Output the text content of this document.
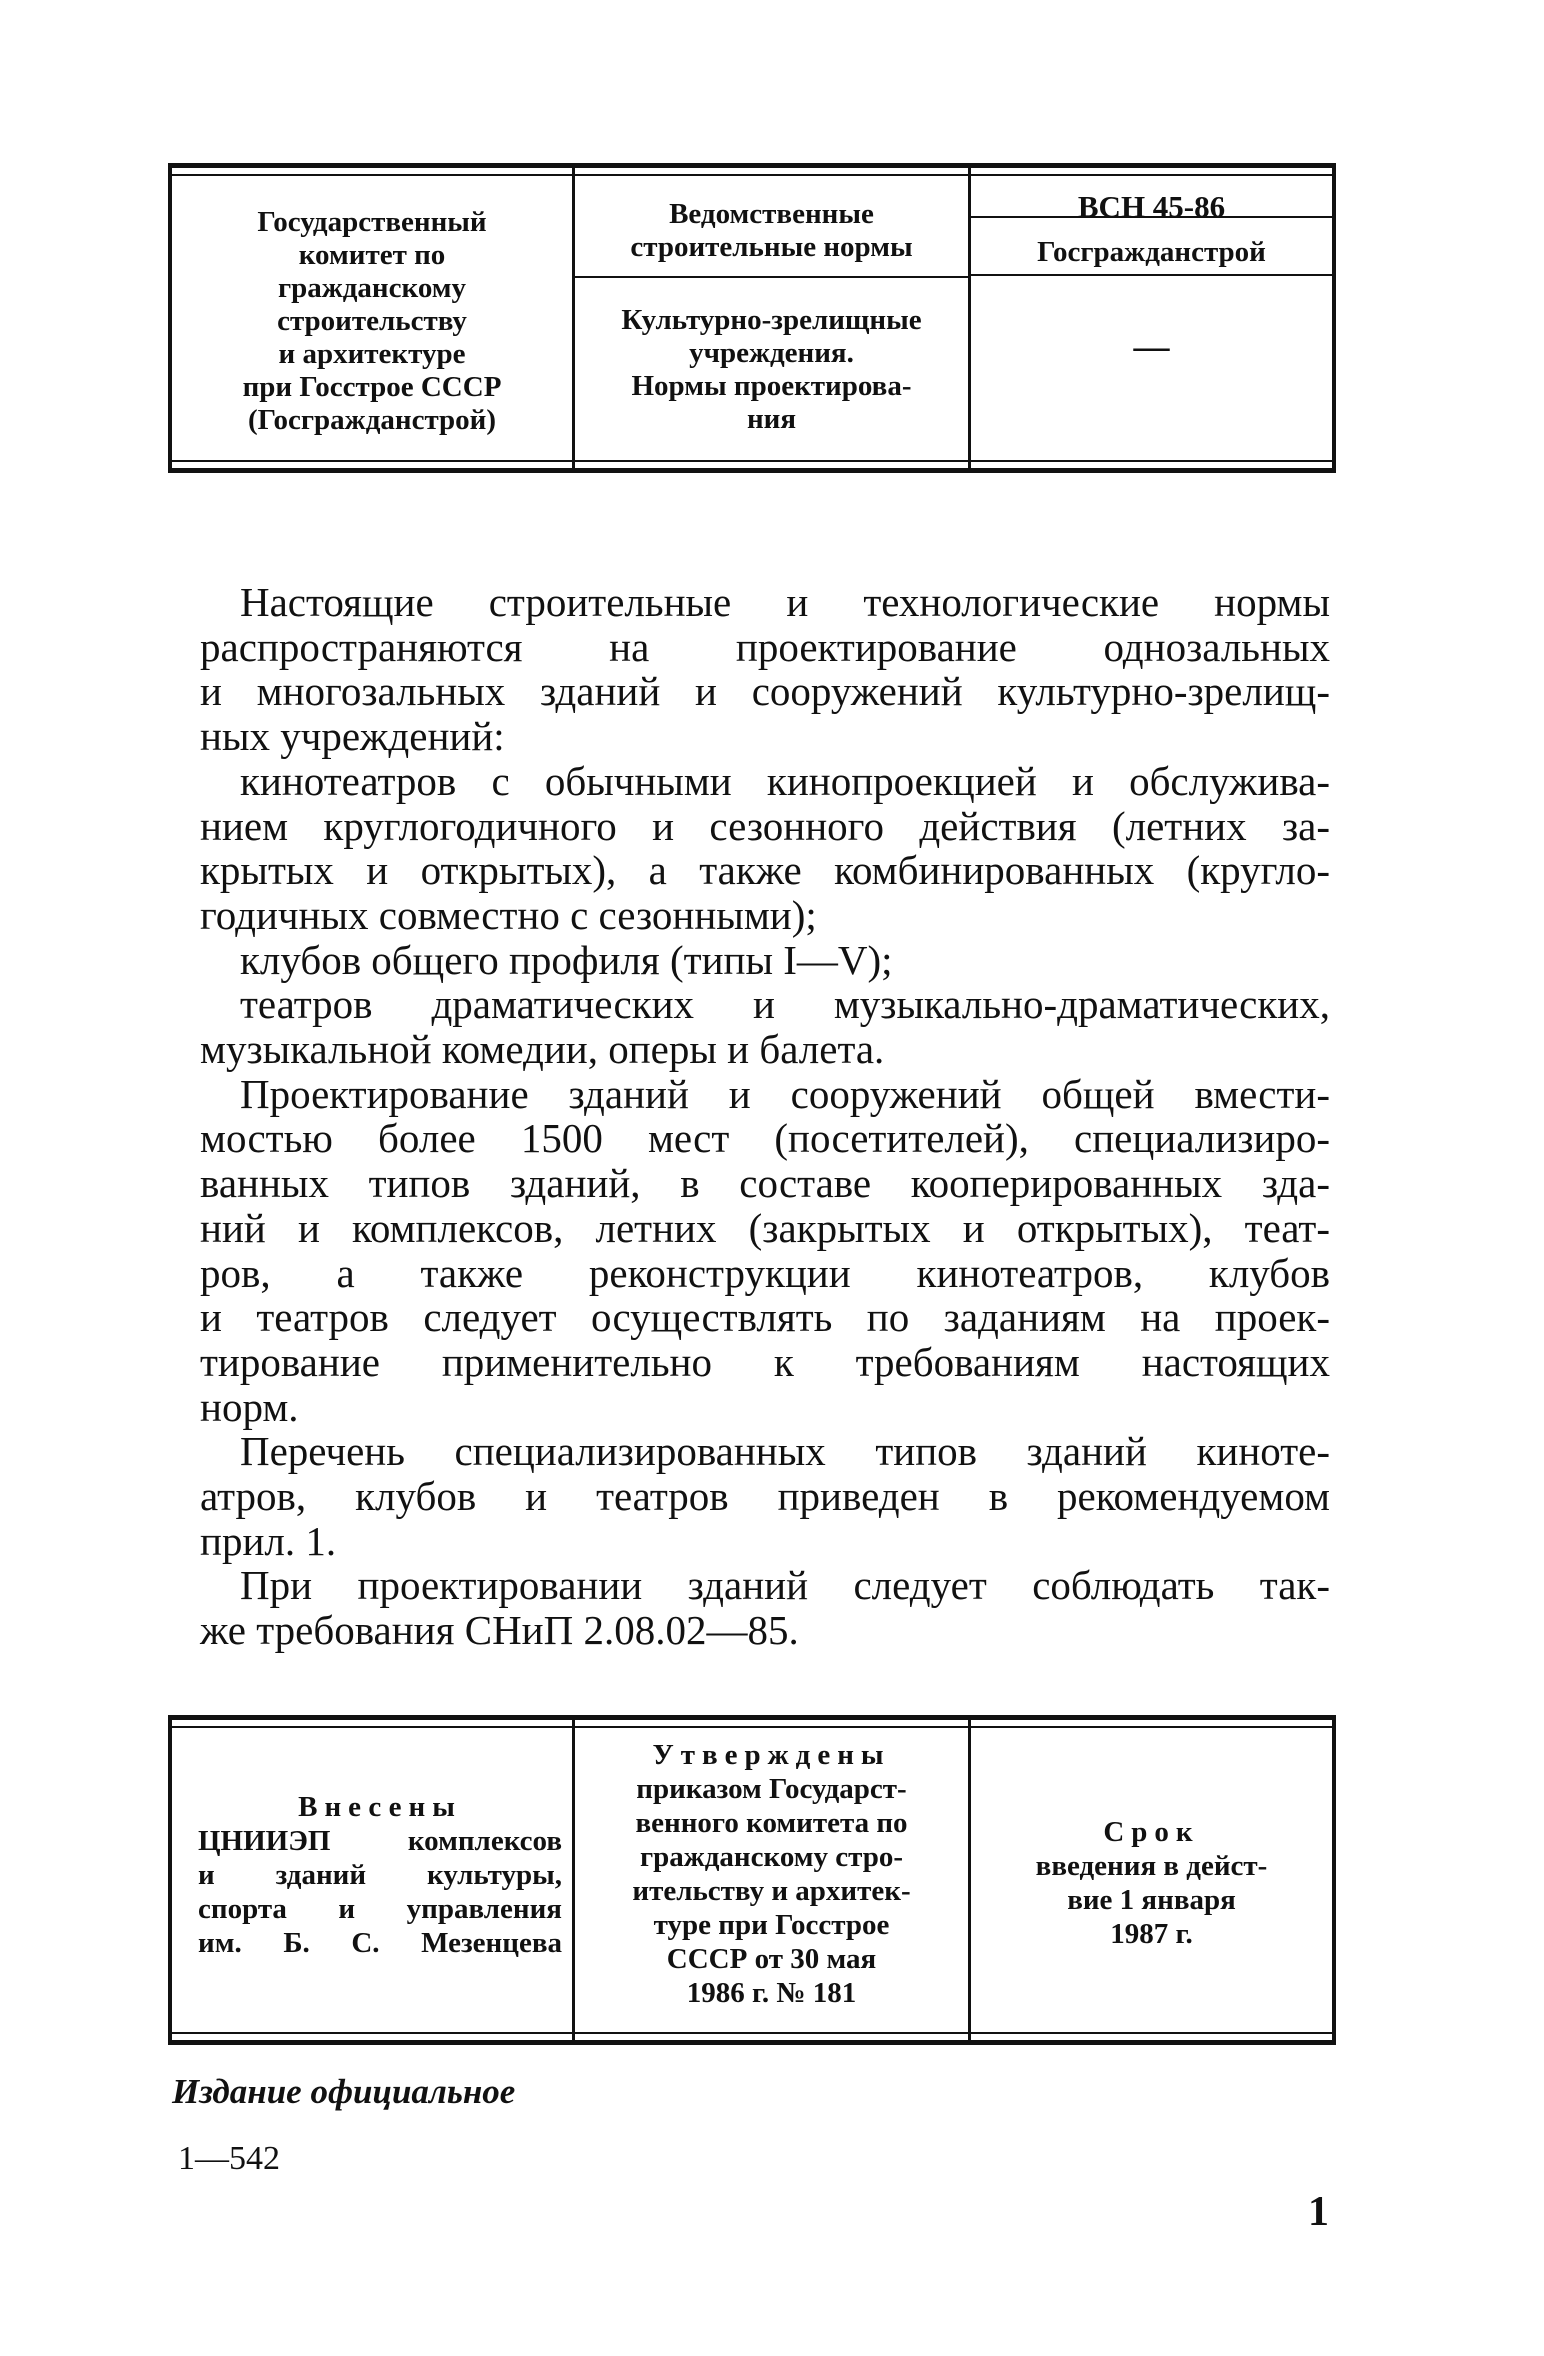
Государственный
комитет по
гражданскому
строительству
и архитектуре
при Госстрое СССР
(Госгражданстрой)
Ведомственные
строительные нормы
Культурно-зрелищные
учреждения.
Нормы проектирова-
ния
ВСН 45-86
Госгражданстрой
—

Настоящие строительные и технологические нормы
распространяются на проектирование однозальных
и многозальных зданий и сооружений культурно-зрелищ-
ных учреждений:

кинотеатров с обычными кинопроекцией и обслужива-
нием круглогодичного и сезонного действия (летних за-
крытых и открытых), а также комбинированных (кругло-
годичных совместно с сезонными);

клубов общего профиля (типы I—V);

театров драматических и музыкально-драматических,
музыкальной комедии, оперы и балета.

Проектирование зданий и сооружений общей вмести-
мостью более 1500 мест (посетителей), специализиро-
ванных типов зданий, в составе кооперированных зда-
ний и комплексов, летних (закрытых и открытых), теат-
ров, а также реконструкции кинотеатров, клубов
и театров следует осуществлять по заданиям на проек-
тирование применительно к требованиям настоящих
норм.

Перечень специализированных типов зданий киноте-
атров, клубов и театров приведен в рекомендуемом
прил. 1.

При проектировании зданий следует соблюдать так-
же требования СНиП 2.08.02—85.

Внесены
ЦНИИЭП комплексов
и зданий культуры,
спорта и управления
им. Б. С. Мезенцева
Утверждены
приказом Государст-
венного комитета по
гражданскому стро-
ительству и архитек-
туре при Госстрое
СССР от 30 мая
1986 г. № 181
Срок
введения в дейст-
вие 1 января
1987 г.
Издание официальное
1—542
1
